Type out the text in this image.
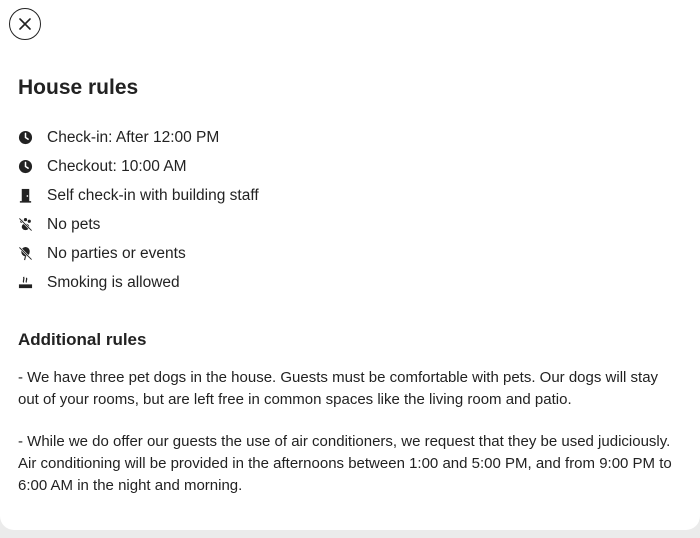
House rules
Check-in: After 12:00 PM
Checkout: 10:00 AM
Self check-in with building staff
No pets
No parties or events
Smoking is allowed
Additional rules

- We have three pet dogs in the house. Guests must be comfortable with pets. Our dogs will stay out of your rooms, but are left free in common spaces like the living room and patio.

- While we do offer our guests the use of air conditioners, we request that they be used judiciously. Air conditioning will be provided in the afternoons between 1:00 and 5:00 PM, and from 9:00 PM to 6:00 AM in the night and morning.
